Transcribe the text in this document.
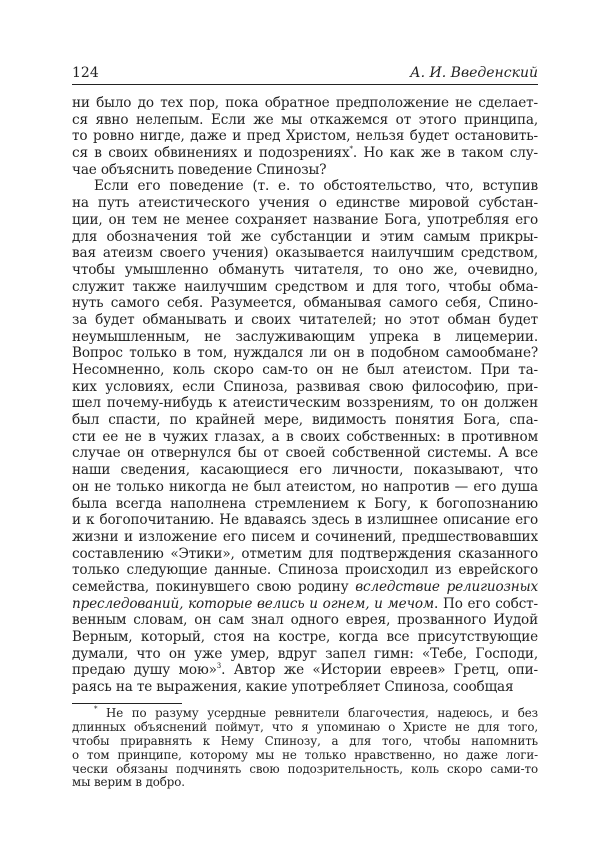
124	А. И. Введенский
ни было до тех пор, пока обратное предположение не сделает-
ся явно нелепым. Если же мы откажемся от этого принципа,
то ровно нигде, даже и пред Христом, нельзя будет остановить-
ся в своих обвинениях и подозрениях*. Но как же в таком слу-
чае объяснить поведение Спинозы?
Если его поведение (т. е. то обстоятельство, что, вступив
на путь атеистического учения о единстве мировой субстан-
ции, он тем не менее сохраняет название Бога, употребляя его
для обозначения той же субстанции и этим самым прикры-
вая атеизм своего учения) оказывается наилучшим средством,
чтобы умышленно обмануть читателя, то оно же, очевидно,
служит также наилучшим средством и для того, чтобы обма-
нуть самого себя. Разумеется, обманывая самого себя, Спино-
за будет обманывать и своих читателей; но этот обман будет
неумышленным, не заслуживающим упрека в лицемерии.
Вопрос только в том, нуждался ли он в подобном самообмане?
Несомненно, коль скоро сам-то он не был атеистом. При та-
ких условиях, если Спиноза, развивая свою философию, при-
шел почему-нибудь к атеистическим воззрениям, то он должен
был спасти, по крайней мере, видимость понятия Бога, спа-
сти ее не в чужих глазах, а в своих собственных: в противном
случае он отвернулся бы от своей собственной системы. А все
наши сведения, касающиеся его личности, показывают, что
он не только никогда не был атеистом, но напротив — его душа
была всегда наполнена стремлением к Богу, к богопознанию
и к богопочитанию. Не вдаваясь здесь в излишнее описание его
жизни и изложение его писем и сочинений, предшествовавших
составлению «Этики», отметим для подтверждения сказанного
только следующие данные. Спиноза происходил из еврейского
семейства, покинувшего свою родину вследствие религиозных
преследований, которые велись и огнем, и мечом. По его собст-
венным словам, он сам знал одного еврея, прозванного Иудой
Верным, который, стоя на костре, когда все присутствующие
думали, что он уже умер, вдруг запел гимн: «Тебе, Господи,
предаю душу мою»$^3$. Автор же «Истории евреев» Гретц, опи-
раясь на те выражения, какие употребляет Спиноза, сообщая
* Не по разуму усердные ревнители благочестия, надеюсь, и без
длинных объяснений поймут, что я упоминаю о Христе не для того,
чтобы приравнять к Нему Спинозу, а для того, чтобы напомнить
о том принципе, которому мы не только нравственно, но даже логи-
чески обязаны подчинять свою подозрительность, коль скоро сами-то
мы верим в добро.
